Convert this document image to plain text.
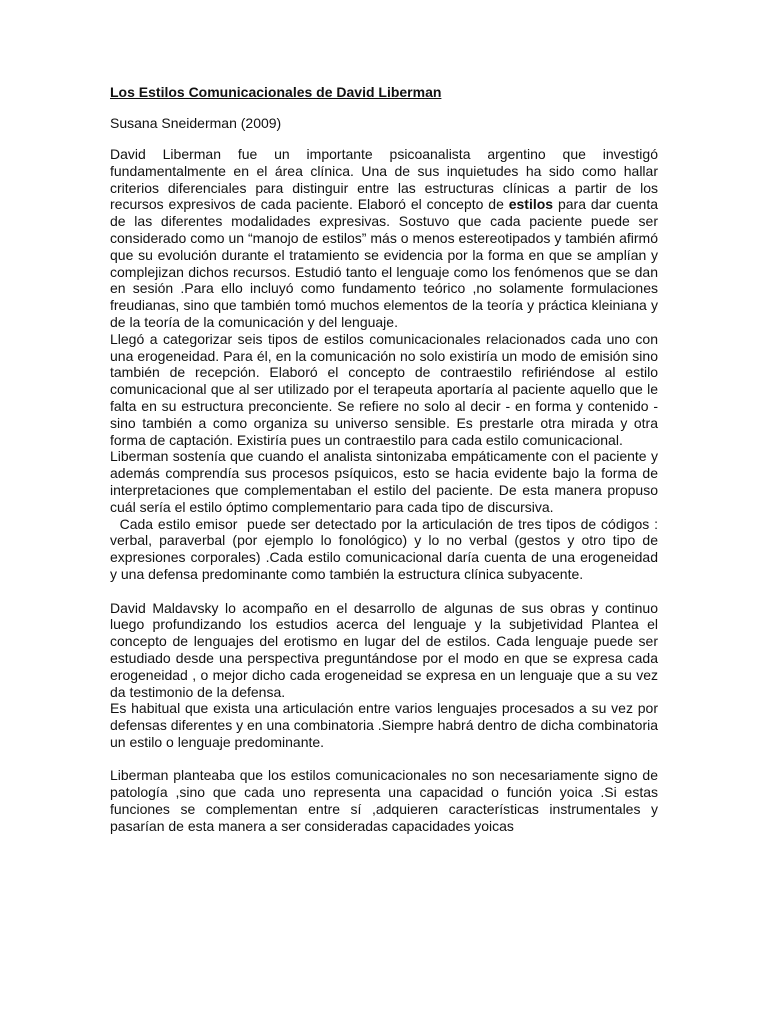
Los Estilos Comunicacionales de David Liberman
Susana Sneiderman (2009)

David Liberman fue un importante psicoanalista argentino que investigó fundamentalmente en el área clínica. Una de sus inquietudes ha sido como hallar criterios diferenciales para distinguir entre las estructuras clínicas a partir de los recursos expresivos de cada paciente. Elaboró el concepto de estilos para dar cuenta de las diferentes modalidades expresivas. Sostuvo que cada paciente puede ser considerado como un “manojo de estilos” más o menos estereotipados y también afirmó que su evolución durante el tratamiento se evidencia por la forma en que se amplían y complejizan dichos recursos. Estudió tanto el lenguaje como los fenómenos que se dan en sesión .Para ello incluyó como fundamento teórico ,no solamente formulaciones freudianas, sino que también tomó muchos elementos de la teoría y práctica kleiniana y de la teoría de la comunicación y del lenguaje.

Llegó a categorizar seis tipos de estilos comunicacionales relacionados cada uno con una erogeneidad. Para él, en la comunicación no solo existiría un modo de emisión sino también de recepción. Elaboró el concepto de contraestilo refiriéndose al estilo comunicacional que al ser utilizado por el terapeuta aportaría al paciente aquello que le falta en su estructura preconciente. Se refiere no solo al decir - en forma y contenido - sino también a como organiza su universo sensible. Es prestarle otra mirada y otra forma de captación. Existiría pues un contraestilo para cada estilo comunicacional.

Liberman sostenía que cuando el analista sintonizaba empáticamente con el paciente y además comprendía sus procesos psíquicos, esto se hacia evidente bajo la forma de interpretaciones que complementaban el estilo del paciente. De esta manera propuso cuál sería el estilo óptimo complementario para cada tipo de discursiva.

Cada estilo emisor  puede ser detectado por la articulación de tres tipos de códigos : verbal, paraverbal (por ejemplo lo fonológico) y lo no verbal (gestos y otro tipo de expresiones corporales) .Cada estilo comunicacional daría cuenta de una erogeneidad y una defensa predominante como también la estructura clínica subyacente.

David Maldavsky lo acompaño en el desarrollo de algunas de sus obras y continuo luego profundizando los estudios acerca del lenguaje y la subjetividad Plantea el concepto de lenguajes del erotismo en lugar del de estilos. Cada lenguaje puede ser estudiado desde una perspectiva preguntándose por el modo en que se expresa cada erogeneidad , o mejor dicho cada erogeneidad se expresa en un lenguaje que a su vez da testimonio de la defensa.

Es habitual que exista una articulación entre varios lenguajes procesados a su vez por defensas diferentes y en una combinatoria .Siempre habrá dentro de dicha combinatoria un estilo o lenguaje predominante.

Liberman planteaba que los estilos comunicacionales no son necesariamente signo de patología ,sino que cada uno representa una capacidad o función yoica .Si estas funciones se complementan entre sí ,adquieren características instrumentales y pasarían de esta manera a ser consideradas capacidades yoicas
